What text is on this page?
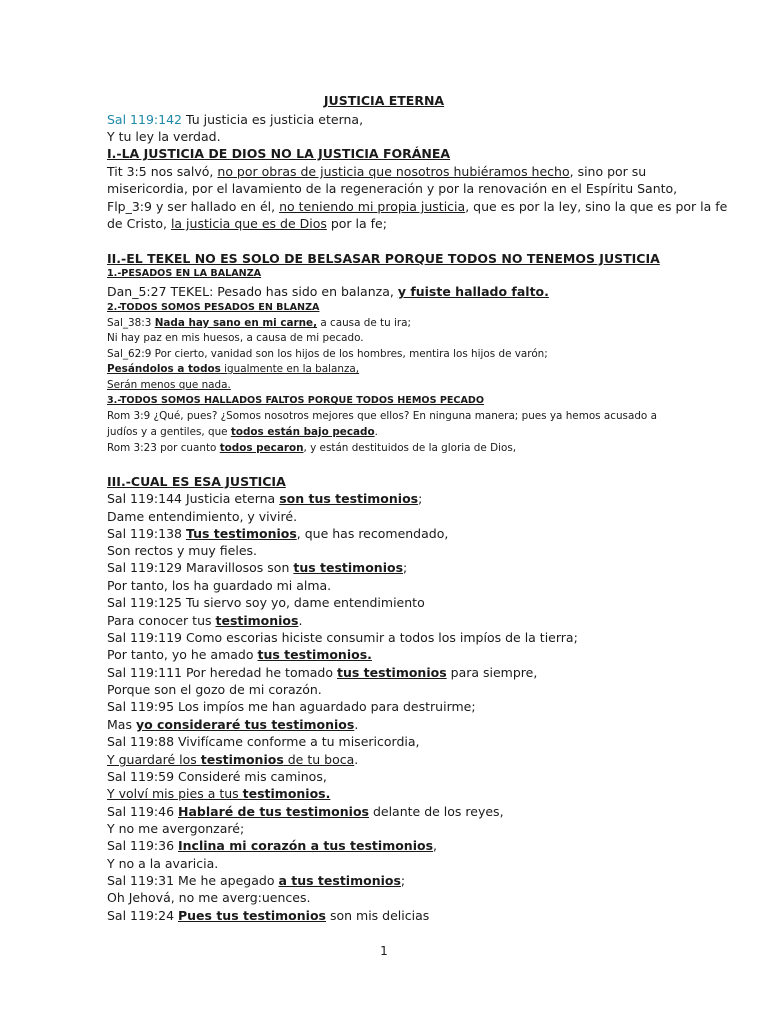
JUSTICIA ETERNA
Sal 119:142 Tu justicia es justicia eterna,
Y tu ley la verdad.
I.-LA JUSTICIA DE DIOS NO LA JUSTICIA FORÁNEA
Tit 3:5 nos salvó, no por obras de justicia que nosotros hubiéramos hecho, sino por su
misericordia, por el lavamiento de la regeneración y por la renovación en el Espíritu Santo,
Flp_3:9 y ser hallado en él, no teniendo mi propia justicia, que es por la ley, sino la que es por la fe
de Cristo, la justicia que es de Dios por la fe;
II.-EL TEKEL NO ES SOLO DE BELSASAR PORQUE TODOS NO TENEMOS JUSTICIA
1.-PESADOS EN LA BALANZA
Dan_5:27 TEKEL: Pesado has sido en balanza, y fuiste hallado falto.
2.-TODOS SOMOS PESADOS EN BLANZA
Sal_38:3 Nada hay sano en mi carne, a causa de tu ira;
Ni hay paz en mis huesos, a causa de mi pecado.
Sal_62:9 Por cierto, vanidad son los hijos de los hombres, mentira los hijos de varón;
Pesándolos a todos igualmente en la balanza,
Serán menos que nada.
3.-TODOS SOMOS HALLADOS FALTOS PORQUE TODOS HEMOS PECADO
Rom 3:9 ¿Qué, pues? ¿Somos nosotros mejores que ellos? En ninguna manera; pues ya hemos acusado a
judíos y a gentiles, que todos están bajo pecado.
Rom 3:23 por cuanto todos pecaron, y están destituidos de la gloria de Dios,
III.-CUAL ES ESA JUSTICIA
Sal 119:144 Justicia eterna son tus testimonios;
Dame entendimiento, y viviré.
Sal 119:138 Tus testimonios, que has recomendado,
Son rectos y muy fieles.
Sal 119:129 Maravillosos son tus testimonios;
Por tanto, los ha guardado mi alma.
Sal 119:125 Tu siervo soy yo, dame entendimiento
Para conocer tus testimonios.
Sal 119:119 Como escorias hiciste consumir a todos los impíos de la tierra;
Por tanto, yo he amado tus testimonios.
Sal 119:111 Por heredad he tomado tus testimonios para siempre,
Porque son el gozo de mi corazón.
Sal 119:95 Los impíos me han aguardado para destruirme;
Mas yo consideraré tus testimonios.
Sal 119:88 Vivifícame conforme a tu misericordia,
Y guardaré los testimonios de tu boca.
Sal 119:59 Consideré mis caminos,
Y volví mis pies a tus testimonios.
Sal 119:46 Hablaré de tus testimonios delante de los reyes,
Y no me avergonzaré;
Sal 119:36 Inclina mi corazón a tus testimonios,
Y no a la avaricia.
Sal 119:31 Me he apegado a tus testimonios;
Oh Jehová, no me averg:uences.
Sal 119:24 Pues tus testimonios son mis delicias
1
